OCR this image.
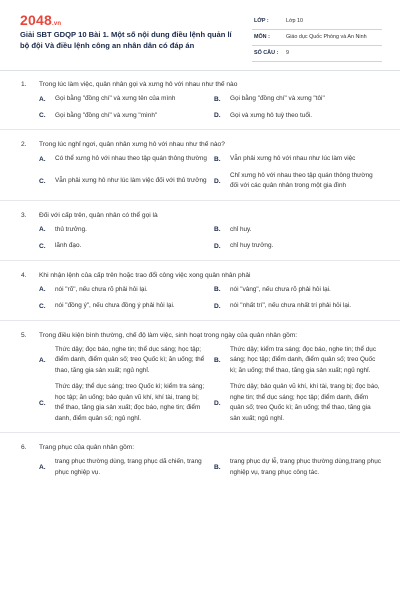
2048.vn
Giải SBT GDQP 10 Bài 1. Một số nội dung điều lệnh quản lí bộ đội Và điều lệnh công an nhân dân có đáp án
LỚP :	Lớp 10
MÔN :	Giáo dục Quốc Phòng và An Ninh
SỐ CÂU : 9
1. Trong lúc làm việc, quân nhân gọi và xưng hô với nhau như thế nào
A.	Gọi bằng "đồng chí" và xưng tên của mình	B.	Gọi bằng "đồng chí" và xưng "tôi"
C.	Gọi bằng "đồng chí" và xưng "mình"	D.	Gọi và xưng hô tuỳ theo tuổi.
2. Trong lúc nghỉ ngơi, quân nhân xưng hô với nhau như thế nào?
A.	Có thể xưng hô với nhau theo tập quán thông thường B.	Vẫn phải xưng hô với nhau như lúc làm việc
C.	Vẫn phải xưng hô như lúc làm việc đối với thủ trưởng D.
Chỉ xưng hô với nhau theo tập quán thông thường đối với các quân nhân trong một gia đình
3. Đối với cấp trên, quân nhân có thể gọi là
A.	thủ trưởng.	B.	chỉ huy.
C.	lãnh đạo.	D.	chỉ huy trưởng.
4. Khi nhận lệnh của cấp trên hoặc trao đổi công việc xong quân nhân phải
A.	nói "rõ", nếu chưa rõ phải hỏi lại.	B.	nói "vâng", nếu chưa rõ phải hỏi lại.
C.	nói "đồng ý", nếu chưa đồng ý phải hỏi lại.	D.	nói "nhất trí", nếu chưa nhất trí phải hỏi lại.
5. Trong điều kiện bình thường, chế độ làm việc, sinh hoạt trong ngày của quân nhân gồm:
A.
Thức dậy; đọc báo, nghe tin; thể dục sáng; học tập; điểm danh, điểm quân số; treo Quốc kì; ăn uống; thể thao, tăng gia sản xuất; ngủ nghỉ.
B.
Thức dậy; kiểm tra sáng; đọc báo, nghe tin; thể dục sáng; học tập; điểm danh, điểm quân số; treo Quốc kì; ăn uống; thể thao, tăng gia sản xuất; ngủ nghỉ.
C.
Thức dậy; thể dục sáng; treo Quốc kì; kiểm tra sáng; học tập; ăn uống; bảo quản vũ khí, khí tài, trang bị; thể thao, tăng gia sản xuất; đọc báo, nghe tin; điểm danh, điểm quân số; ngủ nghỉ.
D.
Thức dậy; bảo quản vũ khí, khí tài, trang bị; đọc báo, nghe tin; thể dục sáng; học tập; điểm danh, điểm quân số; treo Quốc kì; ăn uống; thể thao, tăng gia sản xuất; ngủ nghỉ.
6. Trang phục của quân nhân gồm:
A.
trang phục thường dùng, trang phục dã chiến, trang phục nghiệp vụ.
B.
trang phục dự lễ, trang phục thường dùng,trang phục nghiệp vụ, trang phục công tác.
